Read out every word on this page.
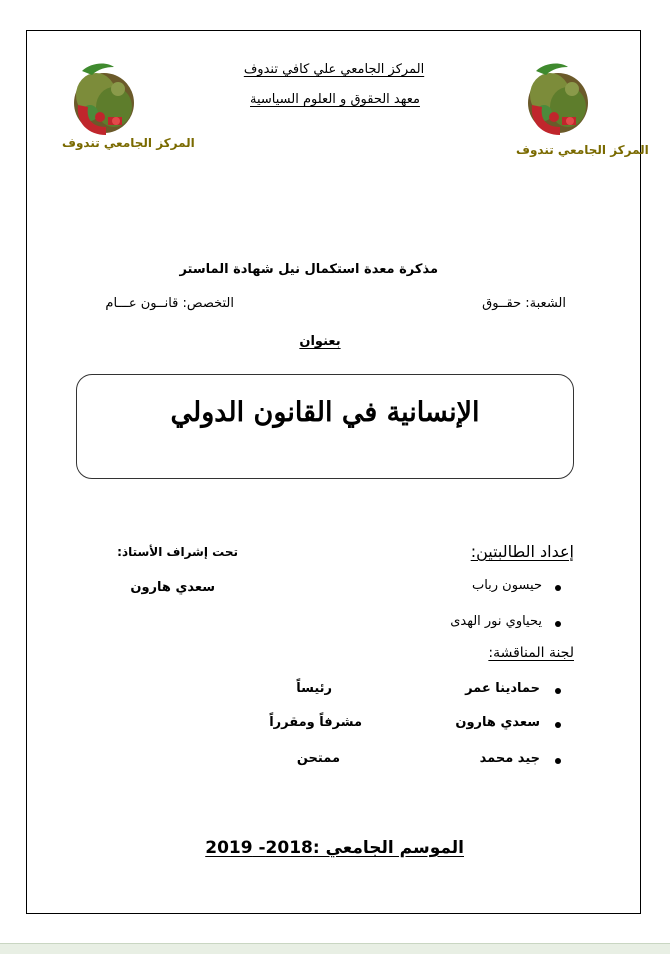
المركز الجامعي تندوف	المركز الجامعي تندوف
المركز الجامعي علي كافي تندوف
معهد الحقوق و العلوم السياسية
مذكرة معدة استكمال نيل شهادة الماستر
الشعبة: حقــوق
التخصص: قانــون عـــام
بعنوان
الإنسانية في القانون الدولي
إعداد الطالبتين:
تحت إشراف الأستاذ:
حيسون رباب
يحياوي نور الهدى
سعدي هارون
لجنة المناقشة:
حمادينا عمر
رئيساً
سعدي هارون
مشرفاً ومقرراً
جيد محمد
ممتحن
الموسم الجامعي :2018- 2019
